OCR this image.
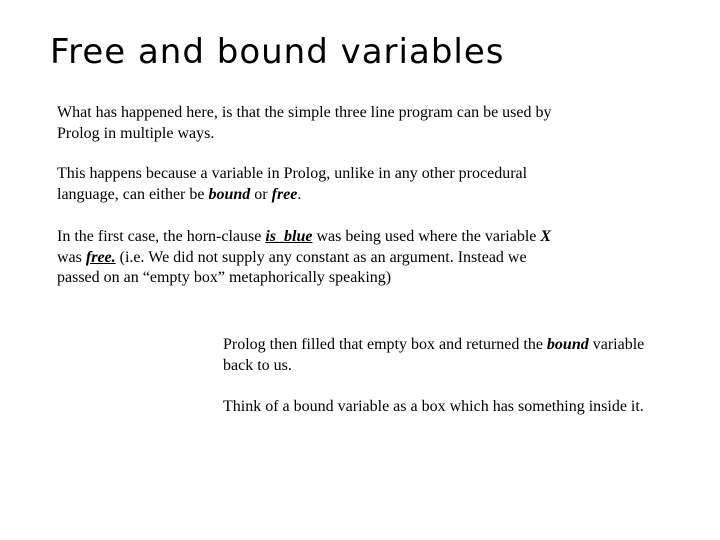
Free and bound variables

What has happened here, is that the simple three line program can be used by Prolog in multiple ways.

This happens because a variable in Prolog, unlike in any other procedural language, can either be bound or free.

In the first case, the horn-clause is_blue was being used where the variable X was free. (i.e. We did not supply any constant as an argument. Instead we passed on an “empty box” metaphorically speaking)

Prolog then filled that empty box and returned the bound variable back to us.

Think of a bound variable as a box which has something inside it.
